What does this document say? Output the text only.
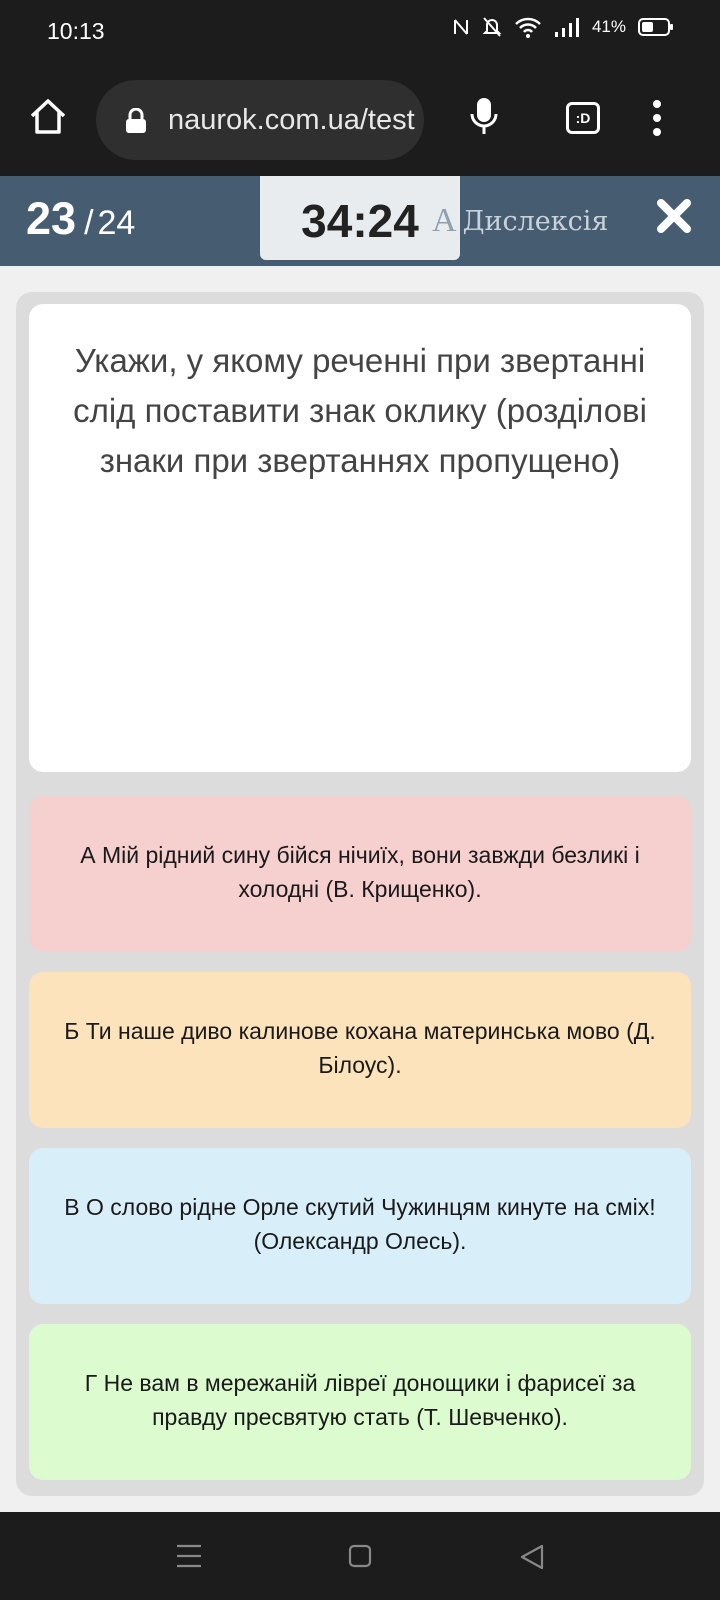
10:13	41%
naurok.com.ua/test	:D
23 / 24	34:24 A Дислексія

Укажи, у якому реченні при звертанні слід поставити знак оклику (розділові знаки при звертаннях пропущено)

А Мій рідний сину бійся нічиїх, вони завжди безликі і холодні (В. Крищенко).
Б Ти наше диво калинове кохана материнська мово (Д. Білоус).
В О слово рідне Орле скутий Чужинцям кинуте на сміх! (Олександр Олесь).
Г Не вам в мережаній лівреї донощики і фарисеї за правду пресвятую стать (Т. Шевченко).
